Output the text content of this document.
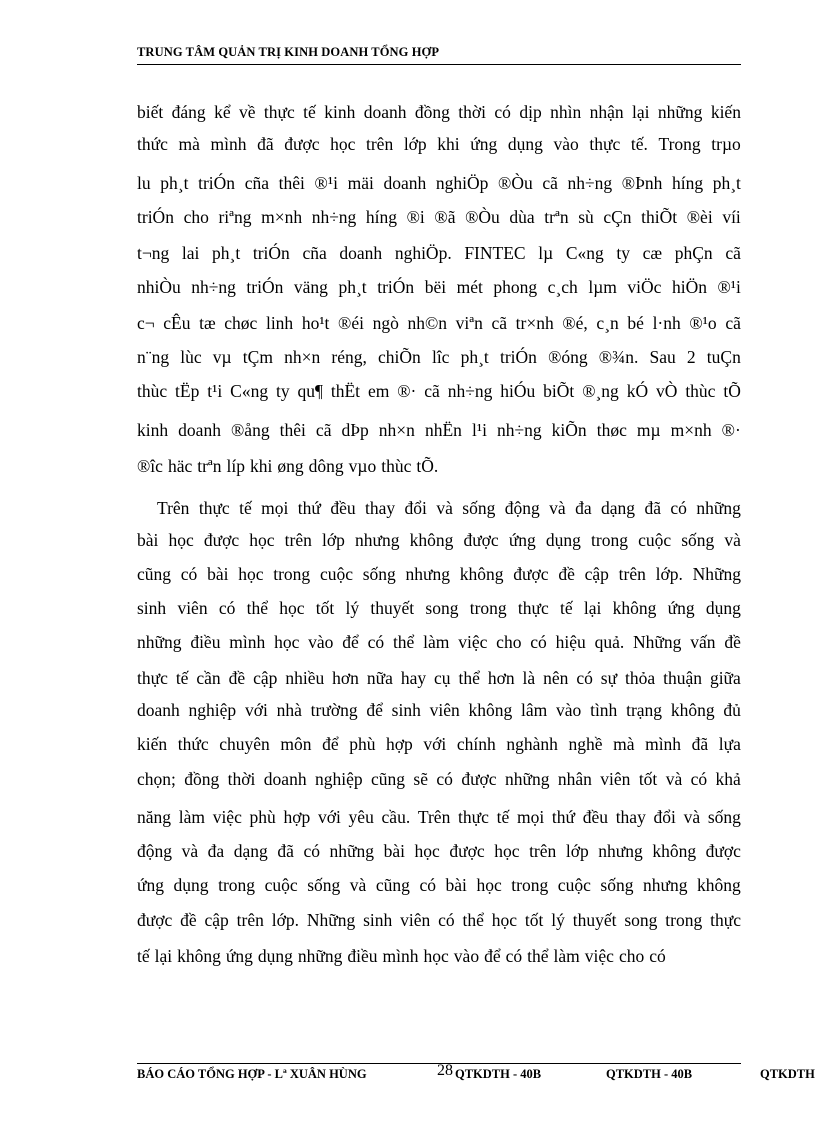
TRUNG TÂM QUẢN TRỊ KINH DOANH TỔNG HỢP
biết đáng kể về thực tế kinh doanh đồng thời có dịp nhìn nhận lại những kiến
thức mà mình đã được học trên lớp khi ứng dụng vào thực tế. Trong trµo
lu ph¸t triÓn cña thêi ®¹i mäi doanh nghiÖp ®Òu cã nh÷ng ®Þnh híng ph¸t
triÓn cho riªng m×nh nh÷ng híng ®i ®ã ®Òu dùa trªn sù cÇn thiÕt ®èi víi
t¬ng lai ph¸t triÓn cña doanh nghiÖp. FINTEC lµ C«ng ty cæ phÇn cã
nhiÒu nh÷ng triÓn väng ph¸t triÓn bëi mét phong c¸ch lµm viÖc hiÖn ®¹i
c¬ cÊu tæ chøc linh ho¹t ®éi ngò nh©n viªn cã tr×nh ®é, c¸n bé l·nh ®¹o cã
n¨ng lùc vµ tÇm nh×n réng, chiÕn lîc ph¸t triÓn ®óng ®¾n. Sau 2 tuÇn
thùc tËp t¹i C«ng ty qu¶ thËt em ®· cã nh÷ng hiÓu biÕt ®¸ng kÓ vÒ thùc tÕ
kinh doanh ®ång thêi cã dÞp nh×n nhËn l¹i nh÷ng kiÕn thøc mµ m×nh ®·
®îc häc trªn líp khi øng dông vµo thùc tÕ.
Trên thực tế mọi thứ đều thay đổi và sống động và đa dạng đã có những
bài học được học trên lớp nhưng không được ứng dụng trong cuộc sống và
cũng có bài học trong cuộc sống nhưng không được đề cập trên lớp. Những
sinh viên có thể học tốt lý thuyết song trong thực tế lại không ứng dụng
những điều mình học vào để có thể làm việc cho có hiệu quả. Những vấn đề
thực tế cần đề cập nhiều hơn nữa hay cụ thể hơn là nên có sự thỏa thuận giữa
doanh nghiệp với nhà trường để sinh viên không lâm vào tình trạng không đủ
kiến thức chuyên môn để phù hợp với chính nghành nghề mà mình đã lựa
chọn; đồng thời doanh nghiệp cũng sẽ có được những nhân viên tốt và có khả
năng làm việc phù hợp với yêu cầu. Trên thực tế mọi thứ đều thay đổi và sống
động và đa dạng đã có những bài học được học trên lớp nhưng không được
ứng dụng trong cuộc sống và cũng có bài học trong cuộc sống nhưng không
được đề cập trên lớp. Những sinh viên có thể học tốt lý thuyết song trong thực
tế lại không ứng dụng những điều mình học vào để có thể làm việc cho có
BÁO CÁO TỔNG HỢP - Lª XUÂN HÙNG	28 QTKDTH - 40B	QTKDTH - 40B	QTKDTH
